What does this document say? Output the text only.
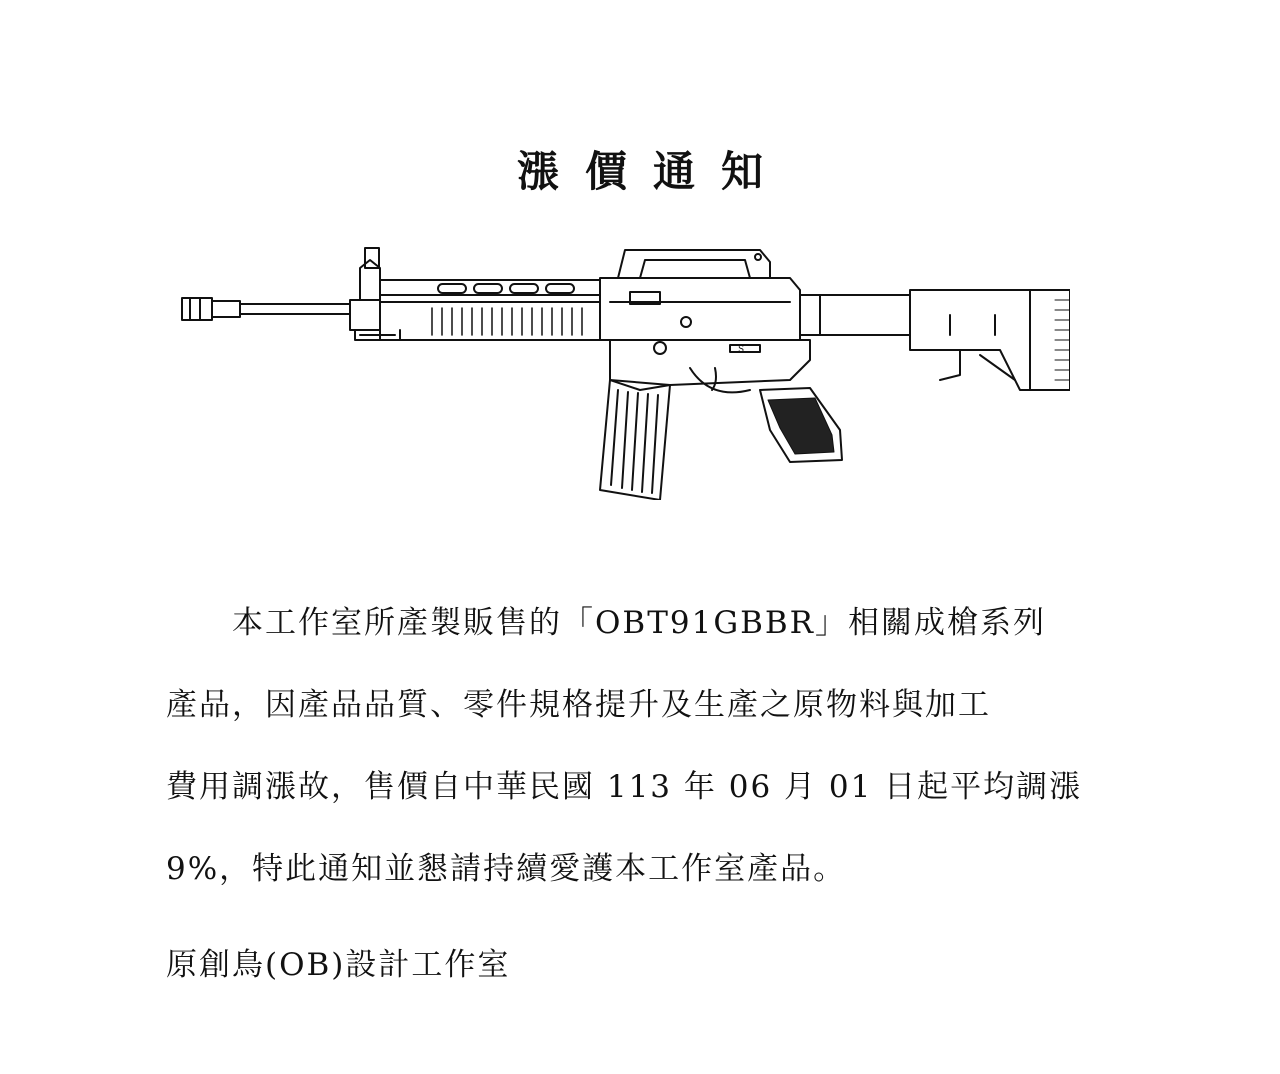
漲價通知
S
本工作室所產製販售的「OBT91GBBR」相關成槍系列
產品，因產品品質、零件規格提升及生產之原物料與加工
費用調漲故，售價自中華民國 113 年 06 月 01 日起平均調漲
9%，特此通知並懇請持續愛護本工作室產品。
原創鳥(OB)設計工作室
